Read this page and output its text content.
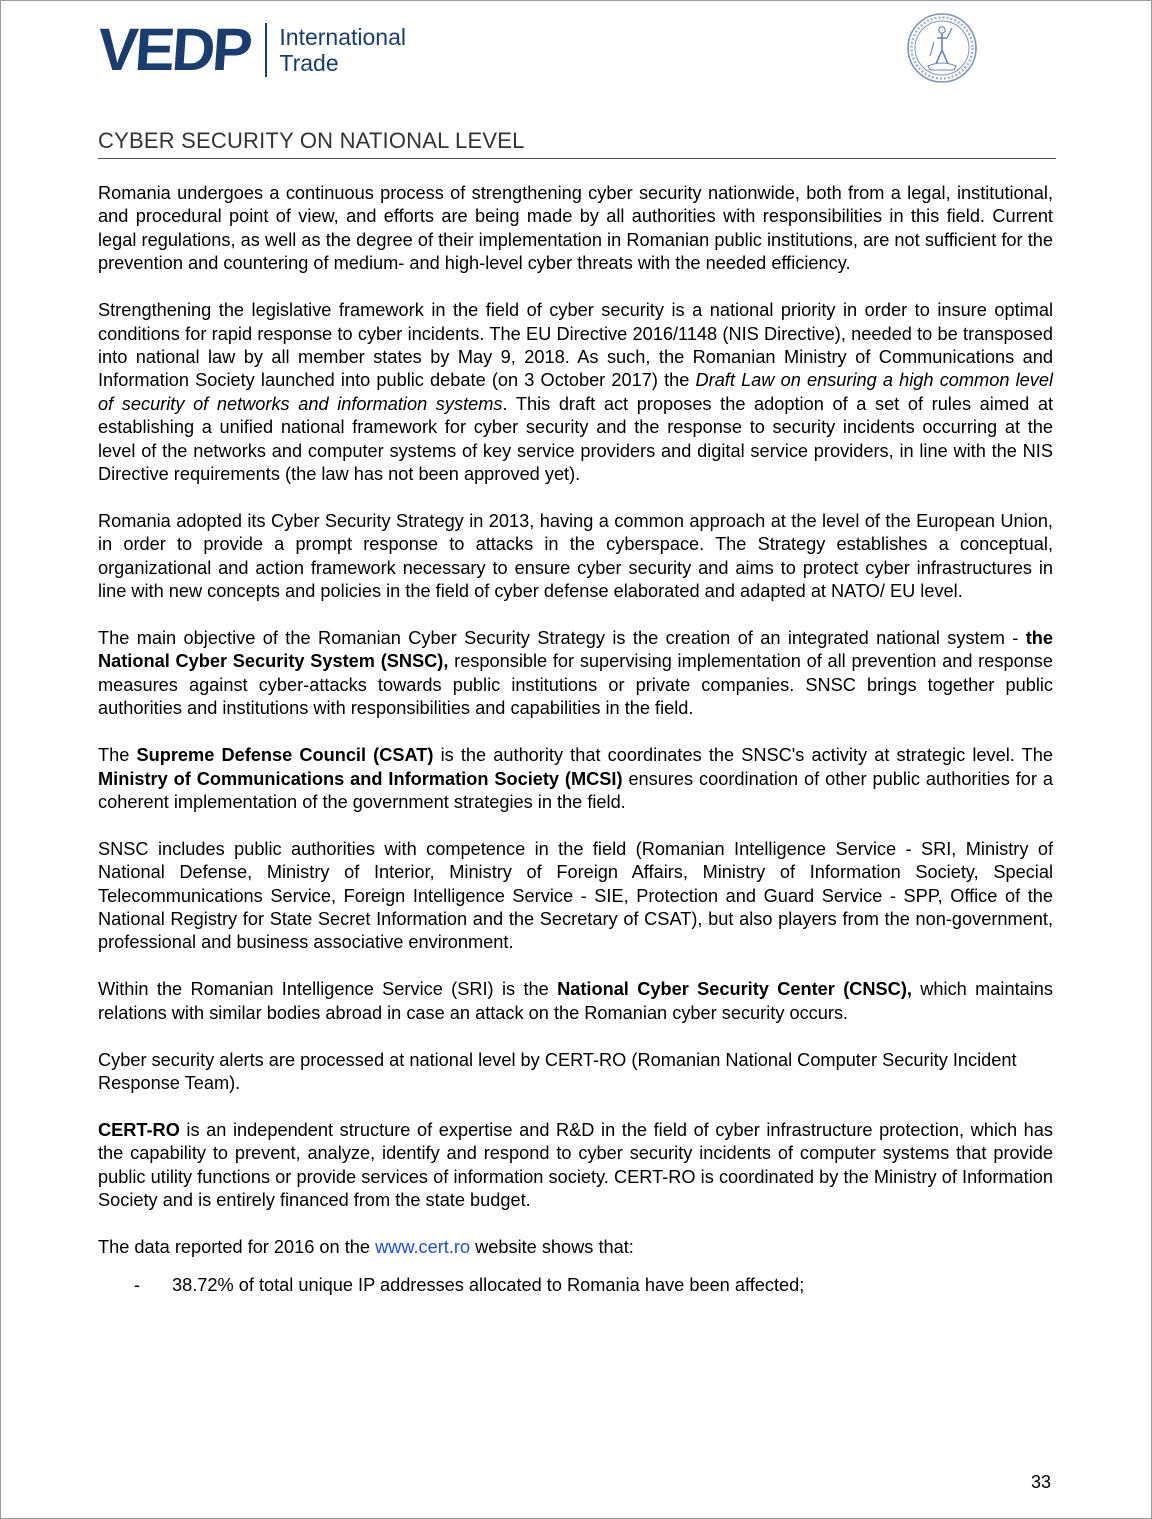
VEDP International
Trade
CYBER SECURITY ON NATIONAL LEVEL

Romania undergoes a continuous process of strengthening cyber security nationwide, both from a legal, institutional, and procedural point of view, and efforts are being made by all authorities with responsibilities in this field. Current legal regulations, as well as the degree of their implementation in Romanian public institutions, are not sufficient for the prevention and countering of medium- and high-level cyber threats with the needed efficiency.

Strengthening the legislative framework in the field of cyber security is a national priority in order to insure optimal conditions for rapid response to cyber incidents. The EU Directive 2016/1148 (NIS Directive), needed to be transposed into national law by all member states by May 9, 2018. As such, the Romanian Ministry of Communications and Information Society launched into public debate (on 3 October 2017) the Draft Law on ensuring a high common level of security of networks and information systems. This draft act proposes the adoption of a set of rules aimed at establishing a unified national framework for cyber security and the response to security incidents occurring at the level of the networks and computer systems of key service providers and digital service providers, in line with the NIS Directive requirements (the law has not been approved yet).

Romania adopted its Cyber Security Strategy in 2013, having a common approach at the level of the European Union, in order to provide a prompt response to attacks in the cyberspace. The Strategy establishes a conceptual, organizational and action framework necessary to ensure cyber security and aims to protect cyber infrastructures in line with new concepts and policies in the field of cyber defense elaborated and adapted at NATO/ EU level.

The main objective of the Romanian Cyber Security Strategy is the creation of an integrated national system - the National Cyber Security System (SNSC), responsible for supervising implementation of all prevention and response measures against cyber-attacks towards public institutions or private companies. SNSC brings together public authorities and institutions with responsibilities and capabilities in the field.

The Supreme Defense Council (CSAT) is the authority that coordinates the SNSC's activity at strategic level. The Ministry of Communications and Information Society (MCSI) ensures coordination of other public authorities for a coherent implementation of the government strategies in the field.

SNSC includes public authorities with competence in the field (Romanian Intelligence Service - SRI, Ministry of National Defense, Ministry of Interior, Ministry of Foreign Affairs, Ministry of Information Society, Special Telecommunications Service, Foreign Intelligence Service - SIE, Protection and Guard Service - SPP, Office of the National Registry for State Secret Information and the Secretary of CSAT), but also players from the non-government, professional and business associative environment.

Within the Romanian Intelligence Service (SRI) is the National Cyber Security Center (CNSC), which maintains relations with similar bodies abroad in case an attack on the Romanian cyber security occurs.

Cyber security alerts are processed at national level by CERT-RO (Romanian National Computer Security Incident Response Team).

CERT-RO is an independent structure of expertise and R&D in the field of cyber infrastructure protection, which has the capability to prevent, analyze, identify and respond to cyber security incidents of computer systems that provide public utility functions or provide services of information society. CERT-RO is coordinated by the Ministry of Information Society and is entirely financed from the state budget.

The data reported for 2016 on the www.cert.ro website shows that:

-	38.72% of total unique IP addresses allocated to Romania have been affected;
33
